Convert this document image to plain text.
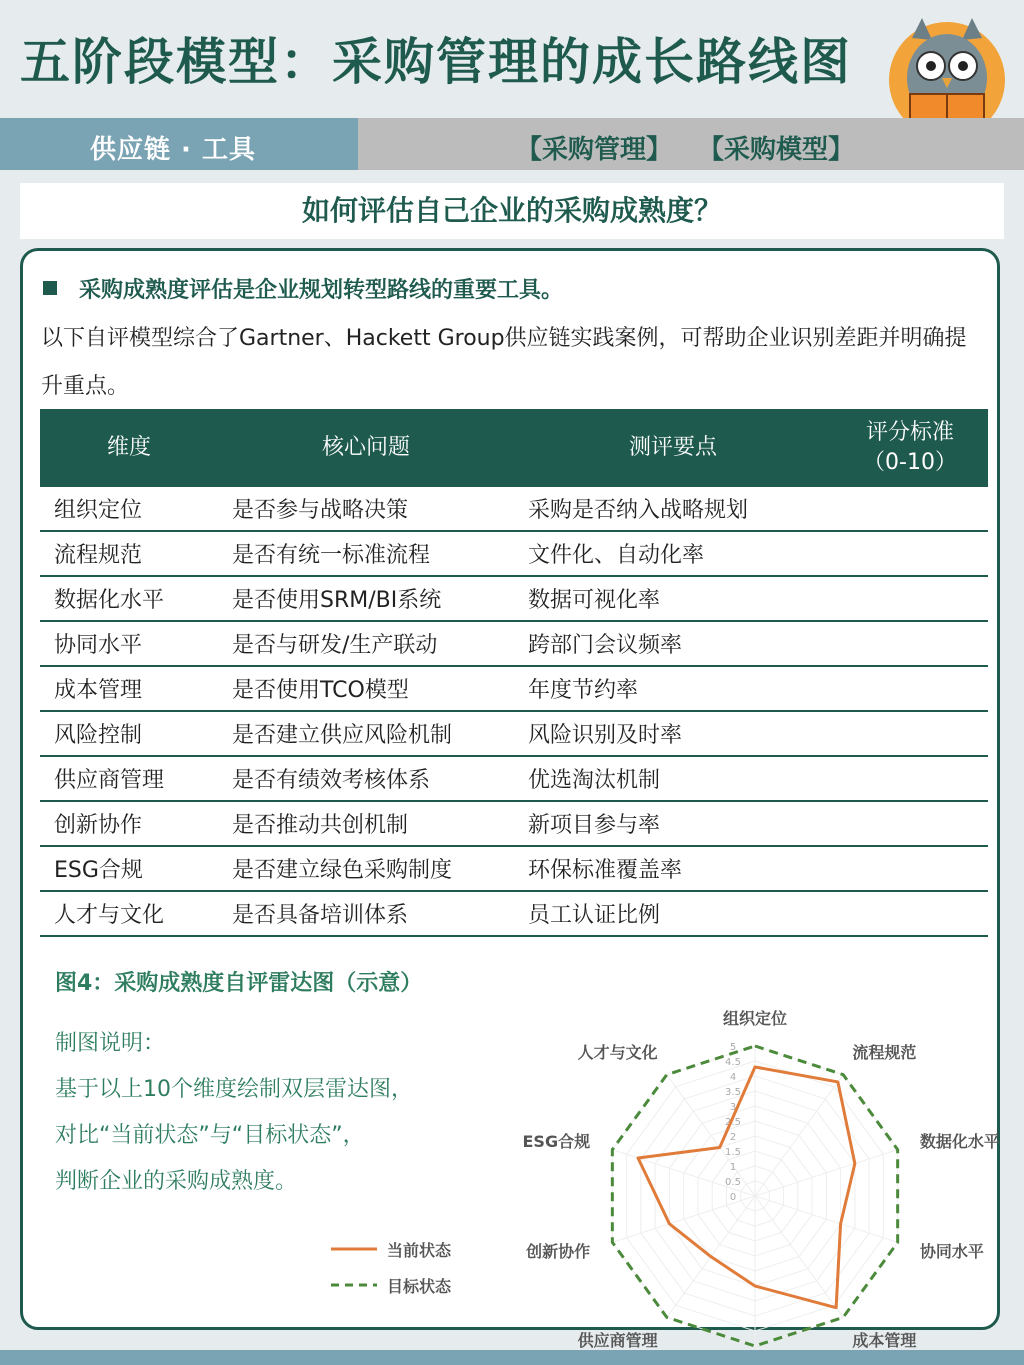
五阶段模型：采购管理的成长路线图
供应链 · 工具	【采购管理】 【采购模型】
如何评估自己企业的采购成熟度？
采购成熟度评估是企业规划转型路线的重要工具。
以下自评模型综合了Gartner、Hackett Group供应链实践案例，可帮助企业识别差距并明确提升重点。
维度	核心问题	测评要点	评分标准
（0-10）
组织定位	是否参与战略决策	采购是否纳入战略规划	
流程规范	是否有统一标准流程	文件化、自动化率	
数据化水平	是否使用SRM/BI系统	数据可视化率	
协同水平	是否与研发/生产联动	跨部门会议频率	
成本管理	是否使用TCO模型	年度节约率	
风险控制	是否建立供应风险机制	风险识别及时率	
供应商管理	是否有绩效考核体系	优选淘汰机制	
创新协作	是否推动共创机制	新项目参与率	
ESG合规	是否建立绿色采购制度	环保标准覆盖率	
人才与文化	是否具备培训体系	员工认证比例	
图4：采购成熟度自评雷达图（示意）
制图说明：
基于以上10个维度绘制双层雷达图，
对比“当前状态”与“目标状态”，
判断企业的采购成熟度。
当前状态
目标状态
0
0.5
1
1.5
2
2.5
3
3.5
4
4.5
5
组织定位
流程规范
数据化水平
协同水平
成本管理
供应商管理
创新协作
ESG合规
人才与文化
